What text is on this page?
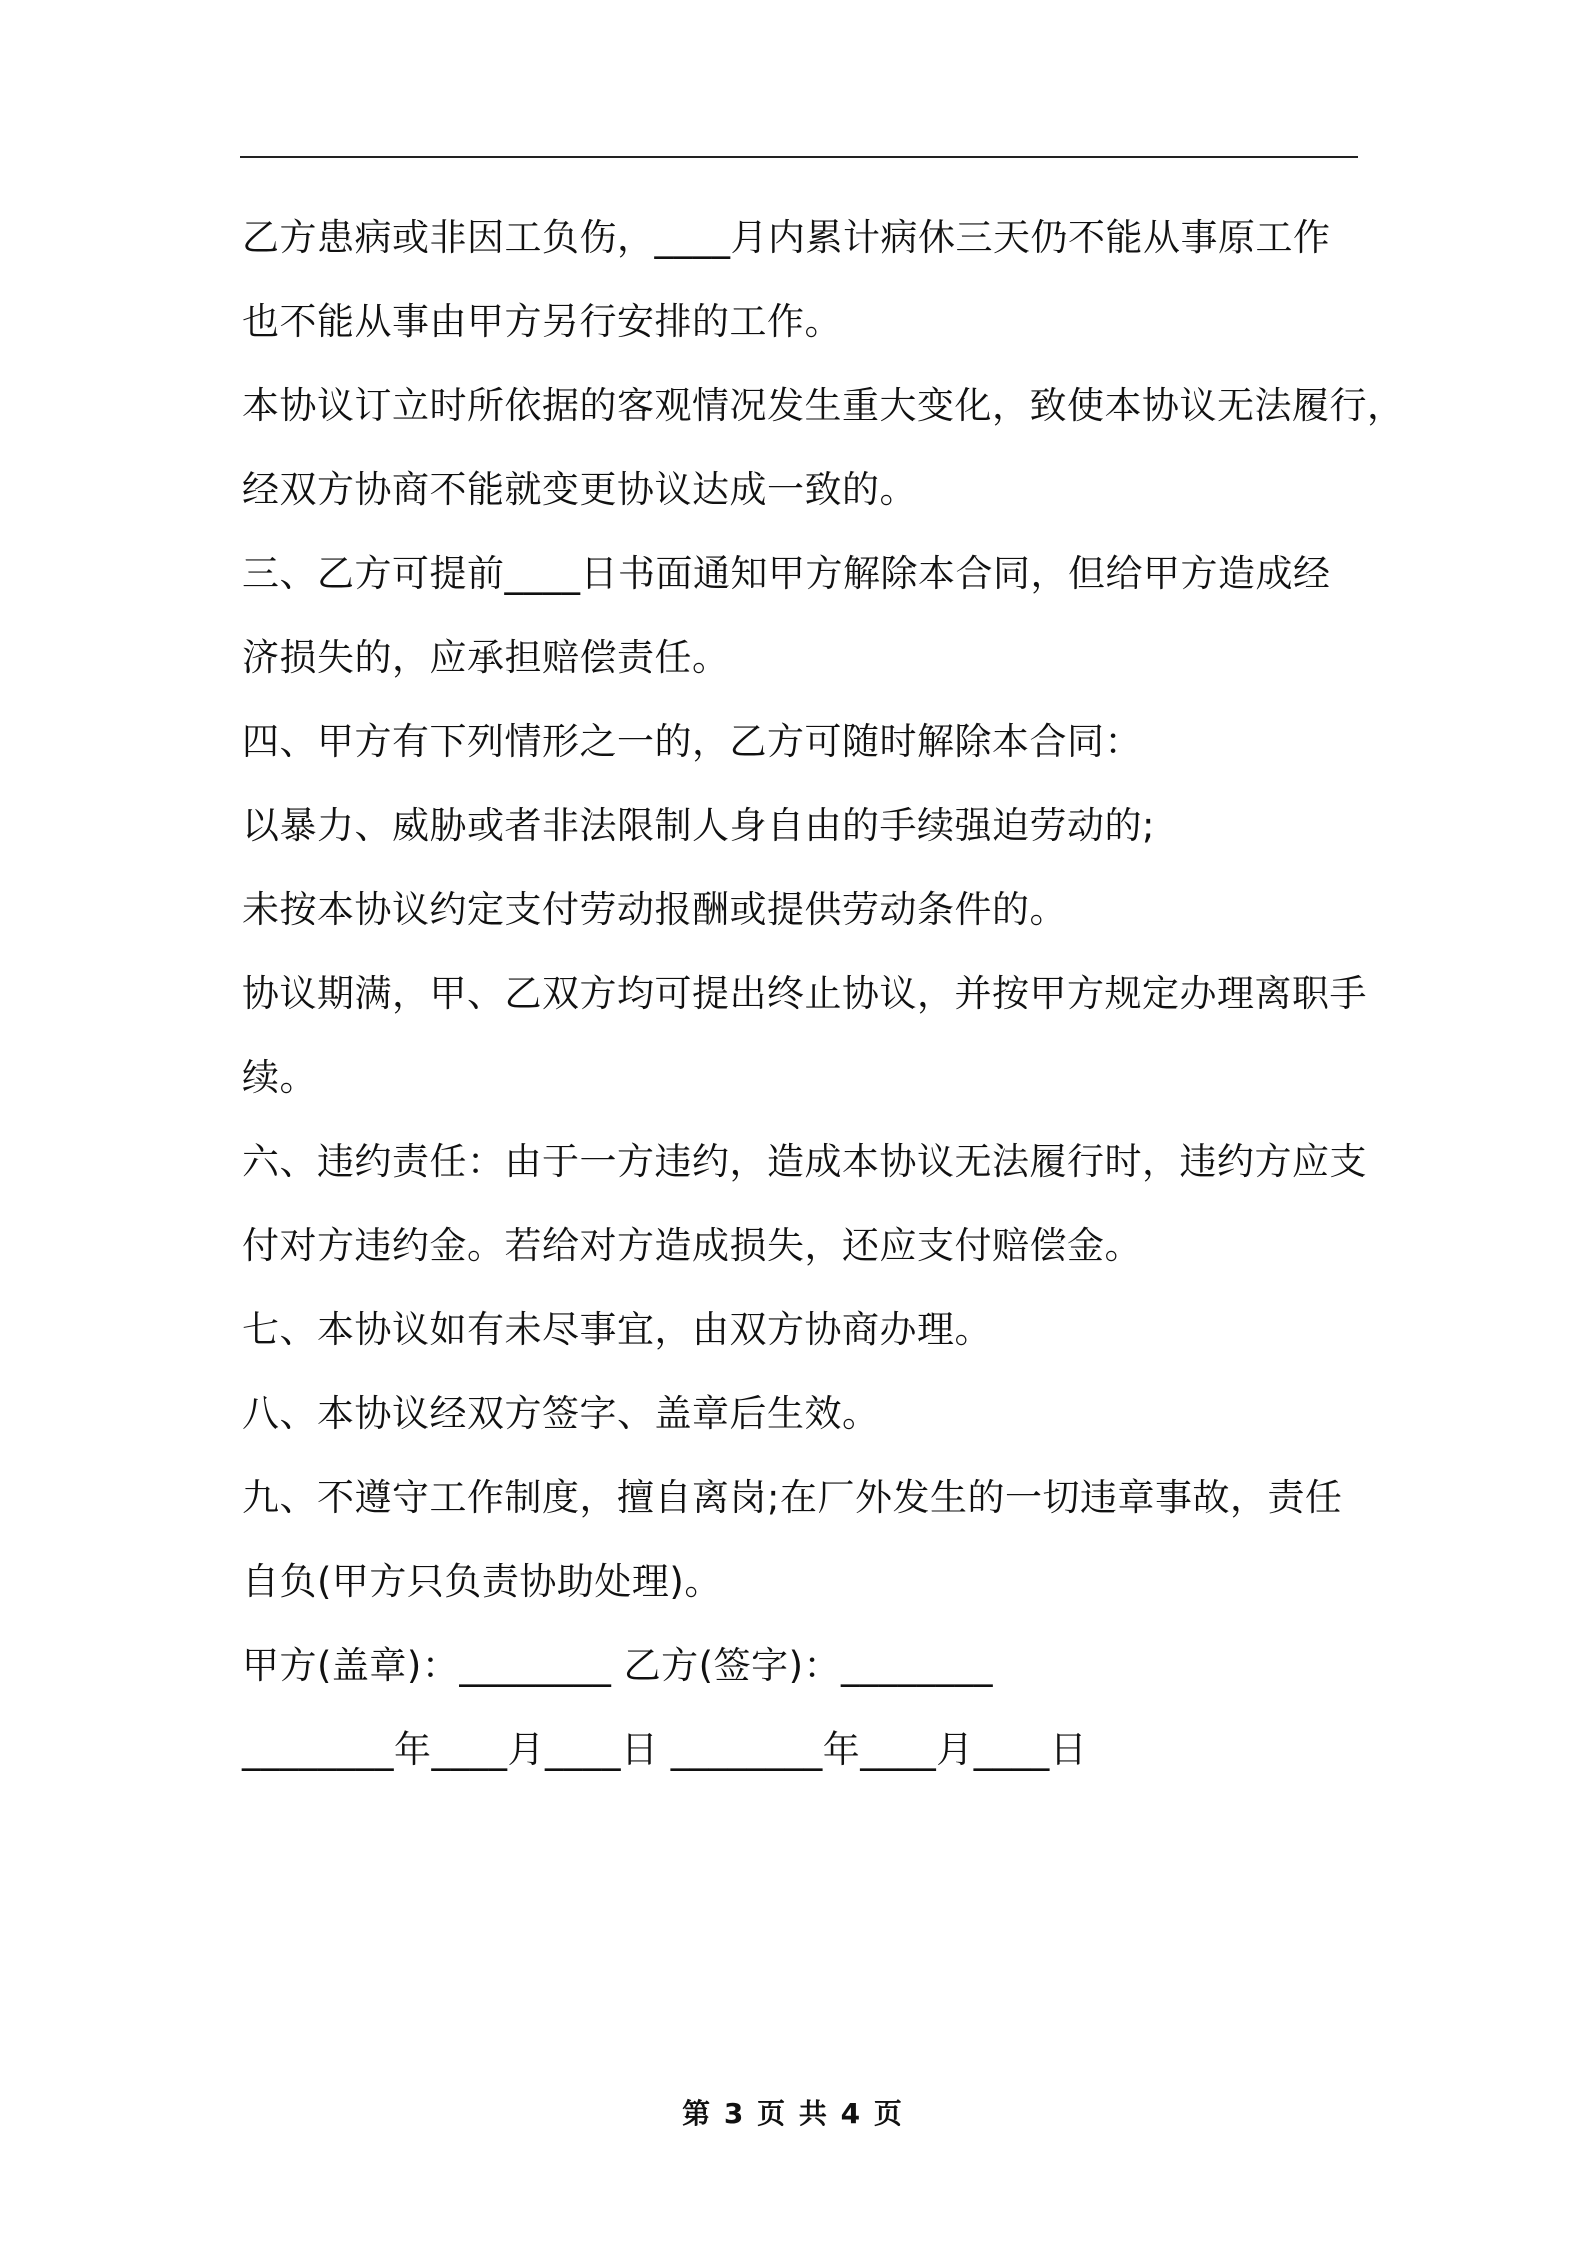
乙方患病或非因工负伤，____月内累计病休三天仍不能从事原工作
也不能从事由甲方另行安排的工作。
本协议订立时所依据的客观情况发生重大变化，致使本协议无法履行，
经双方协商不能就变更协议达成一致的。
三、乙方可提前____日书面通知甲方解除本合同，但给甲方造成经
济损失的，应承担赔偿责任。
四、甲方有下列情形之一的，乙方可随时解除本合同：
以暴力、威胁或者非法限制人身自由的手续强迫劳动的;
未按本协议约定支付劳动报酬或提供劳动条件的。
协议期满，甲、乙双方均可提出终止协议，并按甲方规定办理离职手
续。
六、违约责任：由于一方违约，造成本协议无法履行时，违约方应支
付对方违约金。若给对方造成损失，还应支付赔偿金。
七、本协议如有未尽事宜，由双方协商办理。
八、本协议经双方签字、盖章后生效。
九、不遵守工作制度，擅自离岗;在厂外发生的一切违章事故，责任
自负(甲方只负责协助处理)。
甲方(盖章)：________ 乙方(签字)：________
________年____月____日 ________年____月____日
第 3 页 共 4 页
